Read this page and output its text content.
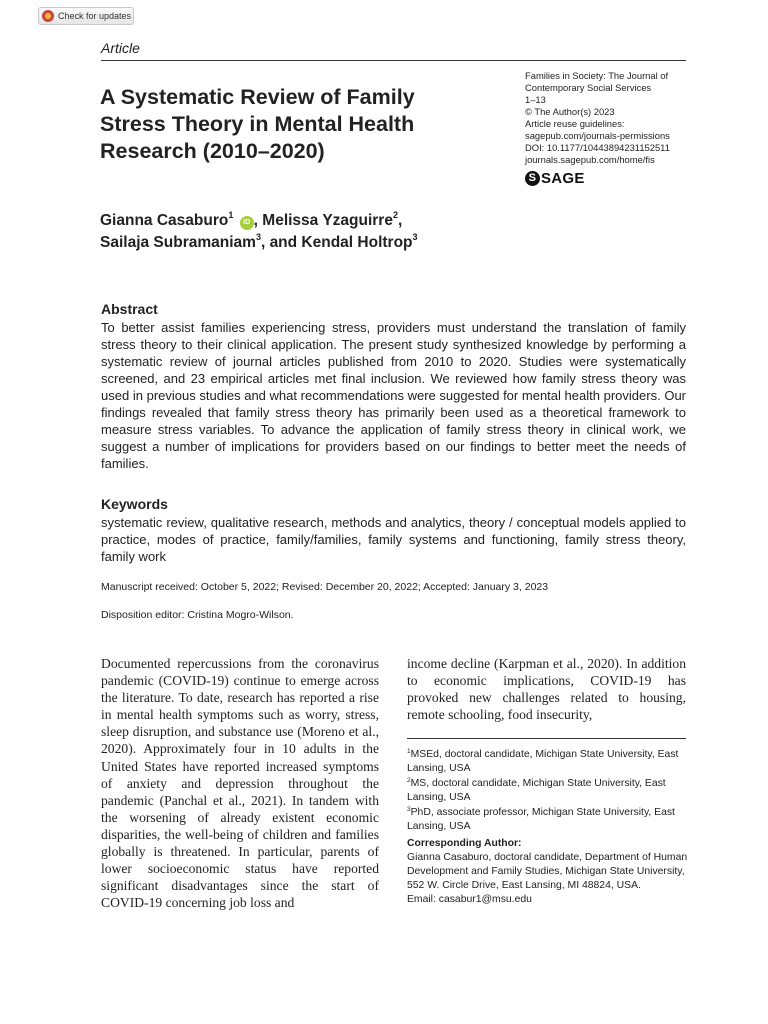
Check for updates
Article
A Systematic Review of Family Stress Theory in Mental Health Research (2010–2020)
Families in Society: The Journal of
Contemporary Social Services
1–13
© The Author(s) 2023
Article reuse guidelines:
sagepub.com/journals-permissions
DOI: 10.1177/10443894231152511
journals.sagepub.com/home/fis
S SAGE
Gianna Casaburo$^1$ iD , Melissa Yzaguirre$^2$,
Sailaja Subramaniam$^3$, and Kendal Holtrop$^3$
Abstract
To better assist families experiencing stress, providers must understand the translation of family stress theory to their clinical application. The present study synthesized knowledge by performing a systematic review of journal articles published from 2010 to 2020. Studies were systematically screened, and 23 empirical articles met final inclusion. We reviewed how family stress theory was used in previous studies and what recommendations were suggested for mental health providers. Our findings revealed that family stress theory has primarily been used as a theoretical framework to measure stress variables. To advance the application of family stress theory in clinical work, we suggest a number of implications for providers based on our findings to better meet the needs of families.
Keywords
systematic review, qualitative research, methods and analytics, theory / conceptual models applied to practice, modes of practice, family/families, family systems and functioning, family stress theory, family work
Manuscript received: October 5, 2022; Revised: December 20, 2022; Accepted: January 3, 2023
Disposition editor: Cristina Mogro-Wilson.
Documented repercussions from the coronavirus pandemic (COVID-19) continue to emerge across the literature. To date, research has reported a rise in mental health symptoms such as worry, stress, sleep disruption, and substance use (Moreno et al., 2020). Approximately four in 10 adults in the United States have reported increased symptoms of anxiety and depression throughout the pandemic (Panchal et al., 2021). In tandem with the worsening of already existent economic disparities, the well-being of children and families globally is threatened. In particular, parents of lower socioeconomic status have reported significant disadvantages since the start of COVID-19 concerning job loss and
income decline (Karpman et al., 2020). In addition to economic implications, COVID-19 has provoked new challenges related to housing, remote schooling, food insecurity,
$^1$MSEd, doctoral candidate, Michigan State University, East Lansing, USA
$^2$MS, doctoral candidate, Michigan State University, East Lansing, USA
$^3$PhD, associate professor, Michigan State University, East Lansing, USA
Corresponding Author:
Gianna Casaburo, doctoral candidate, Department of Human Development and Family Studies, Michigan State University, 552 W. Circle Drive, East Lansing, MI 48824, USA.
Email: casabur1@msu.edu
